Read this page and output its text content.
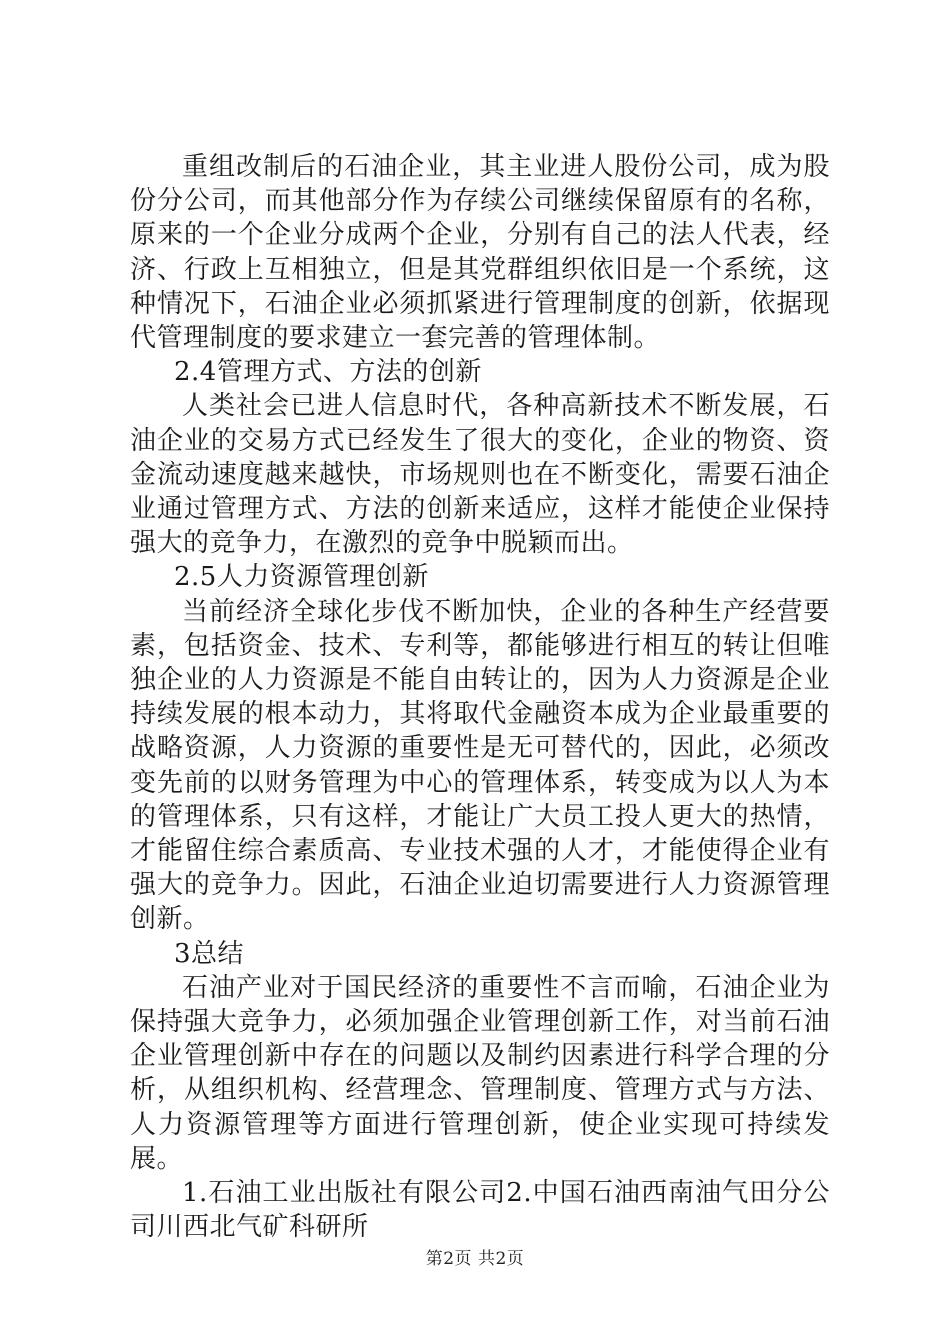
重组改制后的石油企业，其主业进人股份公司，成为股份分公司，而其他部分作为存续公司继续保留原有的名称，原来的一个企业分成两个企业，分别有自己的法人代表，经济、行政上互相独立，但是其党群组织依旧是一个系统，这种情况下，石油企业必须抓紧进行管理制度的创新，依据现代管理制度的要求建立一套完善的管理体制。

2.4管理方式、方法的创新

人类社会已进人信息时代，各种高新技术不断发展，石油企业的交易方式已经发生了很大的变化，企业的物资、资金流动速度越来越快，市场规则也在不断变化，需要石油企业通过管理方式、方法的创新来适应，这样才能使企业保持强大的竞争力，在激烈的竞争中脱颖而出。

2.5人力资源管理创新

当前经济全球化步伐不断加快，企业的各种生产经营要素，包括资金、技术、专利等，都能够进行相互的转让但唯独企业的人力资源是不能自由转让的，因为人力资源是企业持续发展的根本动力，其将取代金融资本成为企业最重要的战略资源，人力资源的重要性是无可替代的，因此，必须改变先前的以财务管理为中心的管理体系，转变成为以人为本的管理体系，只有这样，才能让广大员工投人更大的热情，才能留住综合素质高、专业技术强的人才，才能使得企业有强大的竞争力。因此，石油企业迫切需要进行人力资源管理创新。

3总结

石油产业对于国民经济的重要性不言而喻，石油企业为保持强大竞争力，必须加强企业管理创新工作，对当前石油企业管理创新中存在的问题以及制约因素进行科学合理的分析，从组织机构、经营理念、管理制度、管理方式与方法、人力资源管理等方面进行管理创新，使企业实现可持续发展。

1.石油工业出版社有限公司2.中国石油西南油气田分公司川西北气矿科研所

第2页 共2页
